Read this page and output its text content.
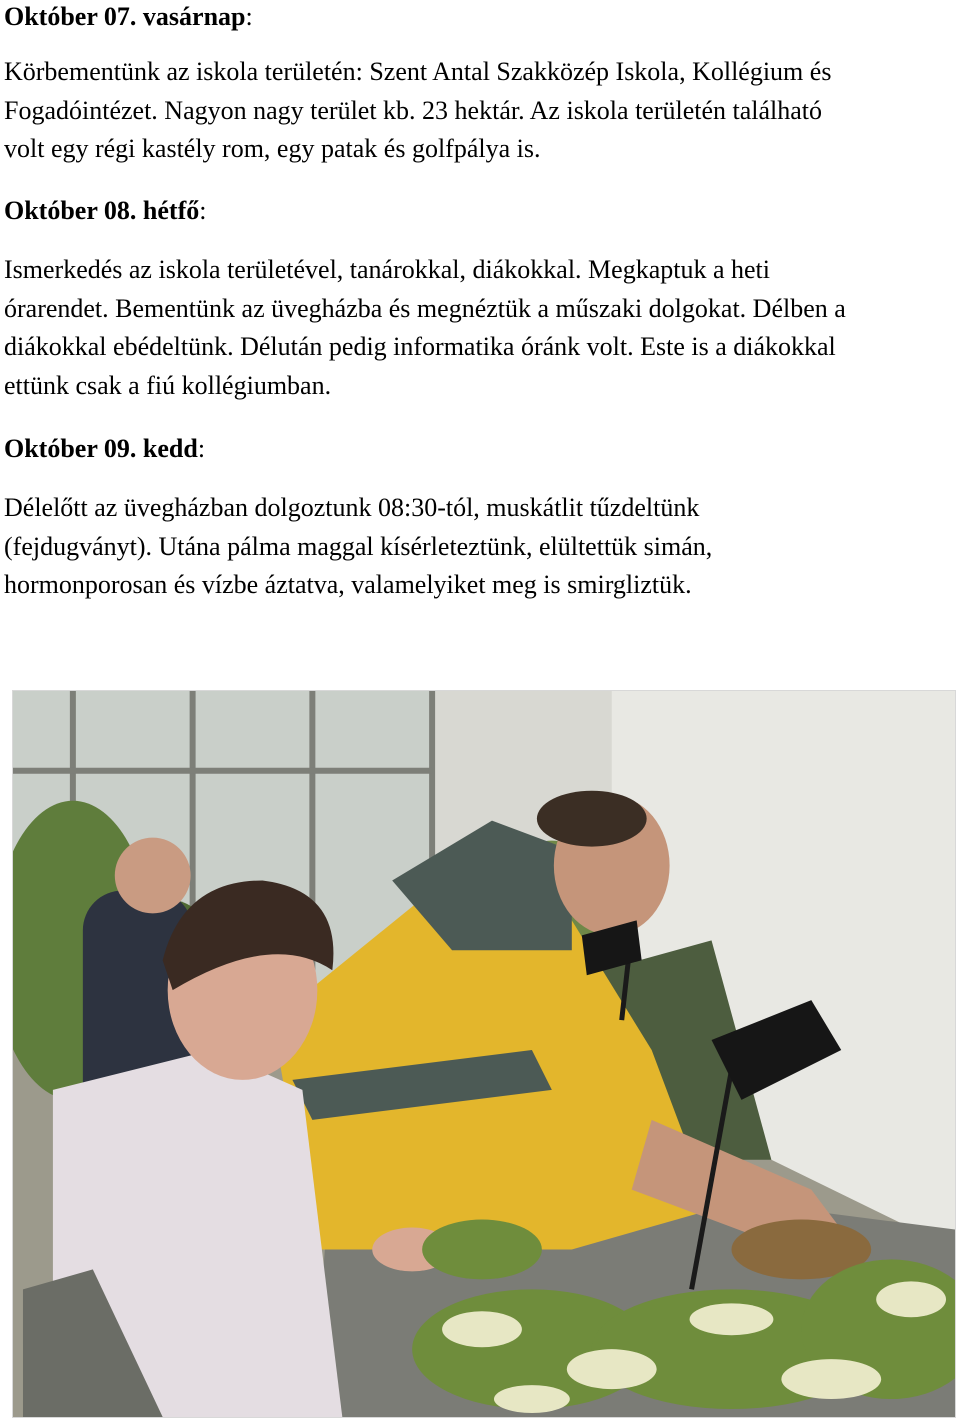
Október 07. vasárnap:

Körbementünk az iskola területén: Szent Antal Szakközép Iskola, Kollégium és
Fogadóintézet. Nagyon nagy terület kb. 23 hektár. Az iskola területén található
volt egy régi kastély rom, egy patak és golfpálya is.

Október 08. hétfő:

Ismerkedés az iskola területével, tanárokkal, diákokkal. Megkaptuk a heti
órarendet. Bementünk az üvegházba és megnéztük a műszaki dolgokat. Délben a
diákokkal ebédeltünk. Délután pedig informatika óránk volt. Este is a diákokkal
ettünk csak a fiú kollégiumban.

Október 09. kedd:

Délelőtt az üvegházban dolgoztunk 08:30-tól, muskátlit tűzdeltünk
(fejdugványt). Utána pálma maggal kísérleteztünk, elültettük simán,
hormonporosan és vízbe áztatva, valamelyiket meg is smirgliztük.
